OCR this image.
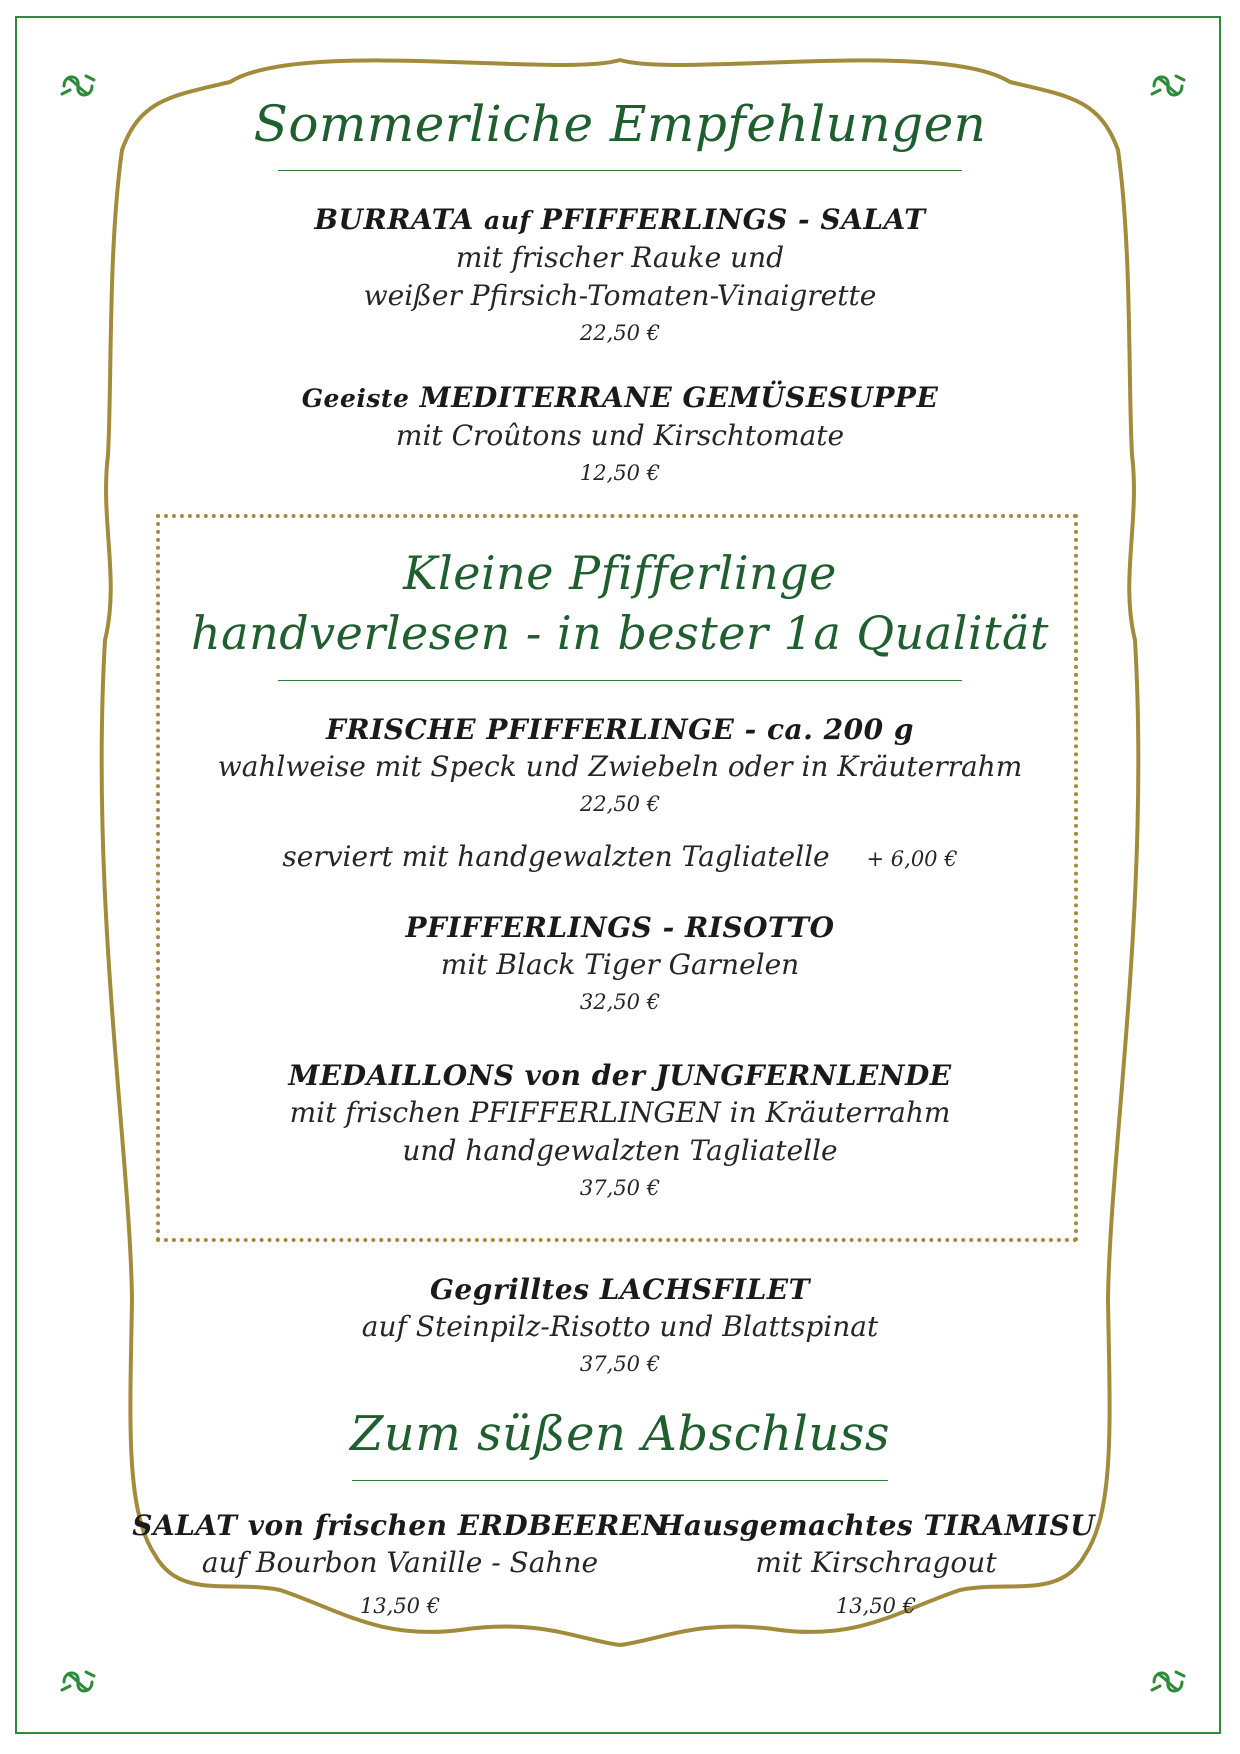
Sommerliche Empfehlungen
BURRATA auf PFIFFERLINGS - SALAT
mit frischer Rauke und
weißer Pfirsich-Tomaten-Vinaigrette
22,50 €
Geeiste MEDITERRANE GEMÜSESUPPE
mit Croûtons und Kirschtomate
12,50 €
Kleine Pfifferlinge
handverlesen - in bester 1a Qualität
FRISCHE PFIFFERLINGE - ca. 200 g
wahlweise mit Speck und Zwiebeln oder in Kräuterrahm
22,50 €
serviert mit handgewalzten Tagliatelle + 6,00 €
PFIFFERLINGS - RISOTTO
mit Black Tiger Garnelen
32,50 €
MEDAILLONS von der JUNGFERNLENDE
mit frischen PFIFFERLINGEN in Kräuterrahm
und handgewalzten Tagliatelle
37,50 €
Gegrilltes LACHSFILET
auf Steinpilz-Risotto und Blattspinat
37,50 €
Zum süßen Abschluss
SALAT von frischen ERDBEEREN
auf Bourbon Vanille - Sahne
13,50 €
Hausgemachtes TIRAMISU
mit Kirschragout
13,50 €
